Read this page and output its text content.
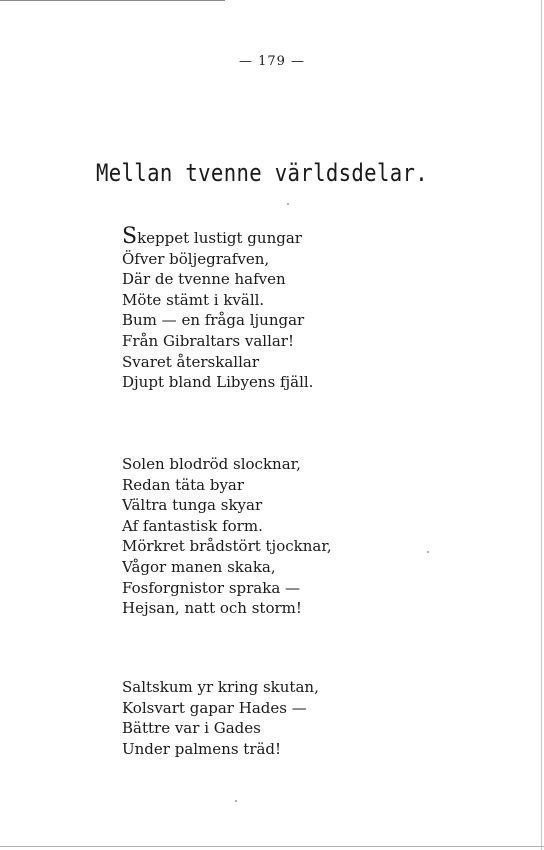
— 179 —
Mellan tvenne världsdelar.
Skeppet lustigt gungar
Öfver böljegrafven,
Där de tvenne hafven
Möte stämt i kväll.
Bum — en fråga ljungar
Från Gibraltars vallar!
Svaret återskallar
Djupt bland Libyens fjäll.
Solen blodröd slocknar,
Redan täta byar
Vältra tunga skyar
Af fantastisk form.
Mörkret brådstört tjocknar,
Vågor manen skaka,
Fosforgnistor spraka —
Hejsan, natt och storm!
Saltskum yr kring skutan,
Kolsvart gapar Hades —
Bättre var i Gades
Under palmens träd!
